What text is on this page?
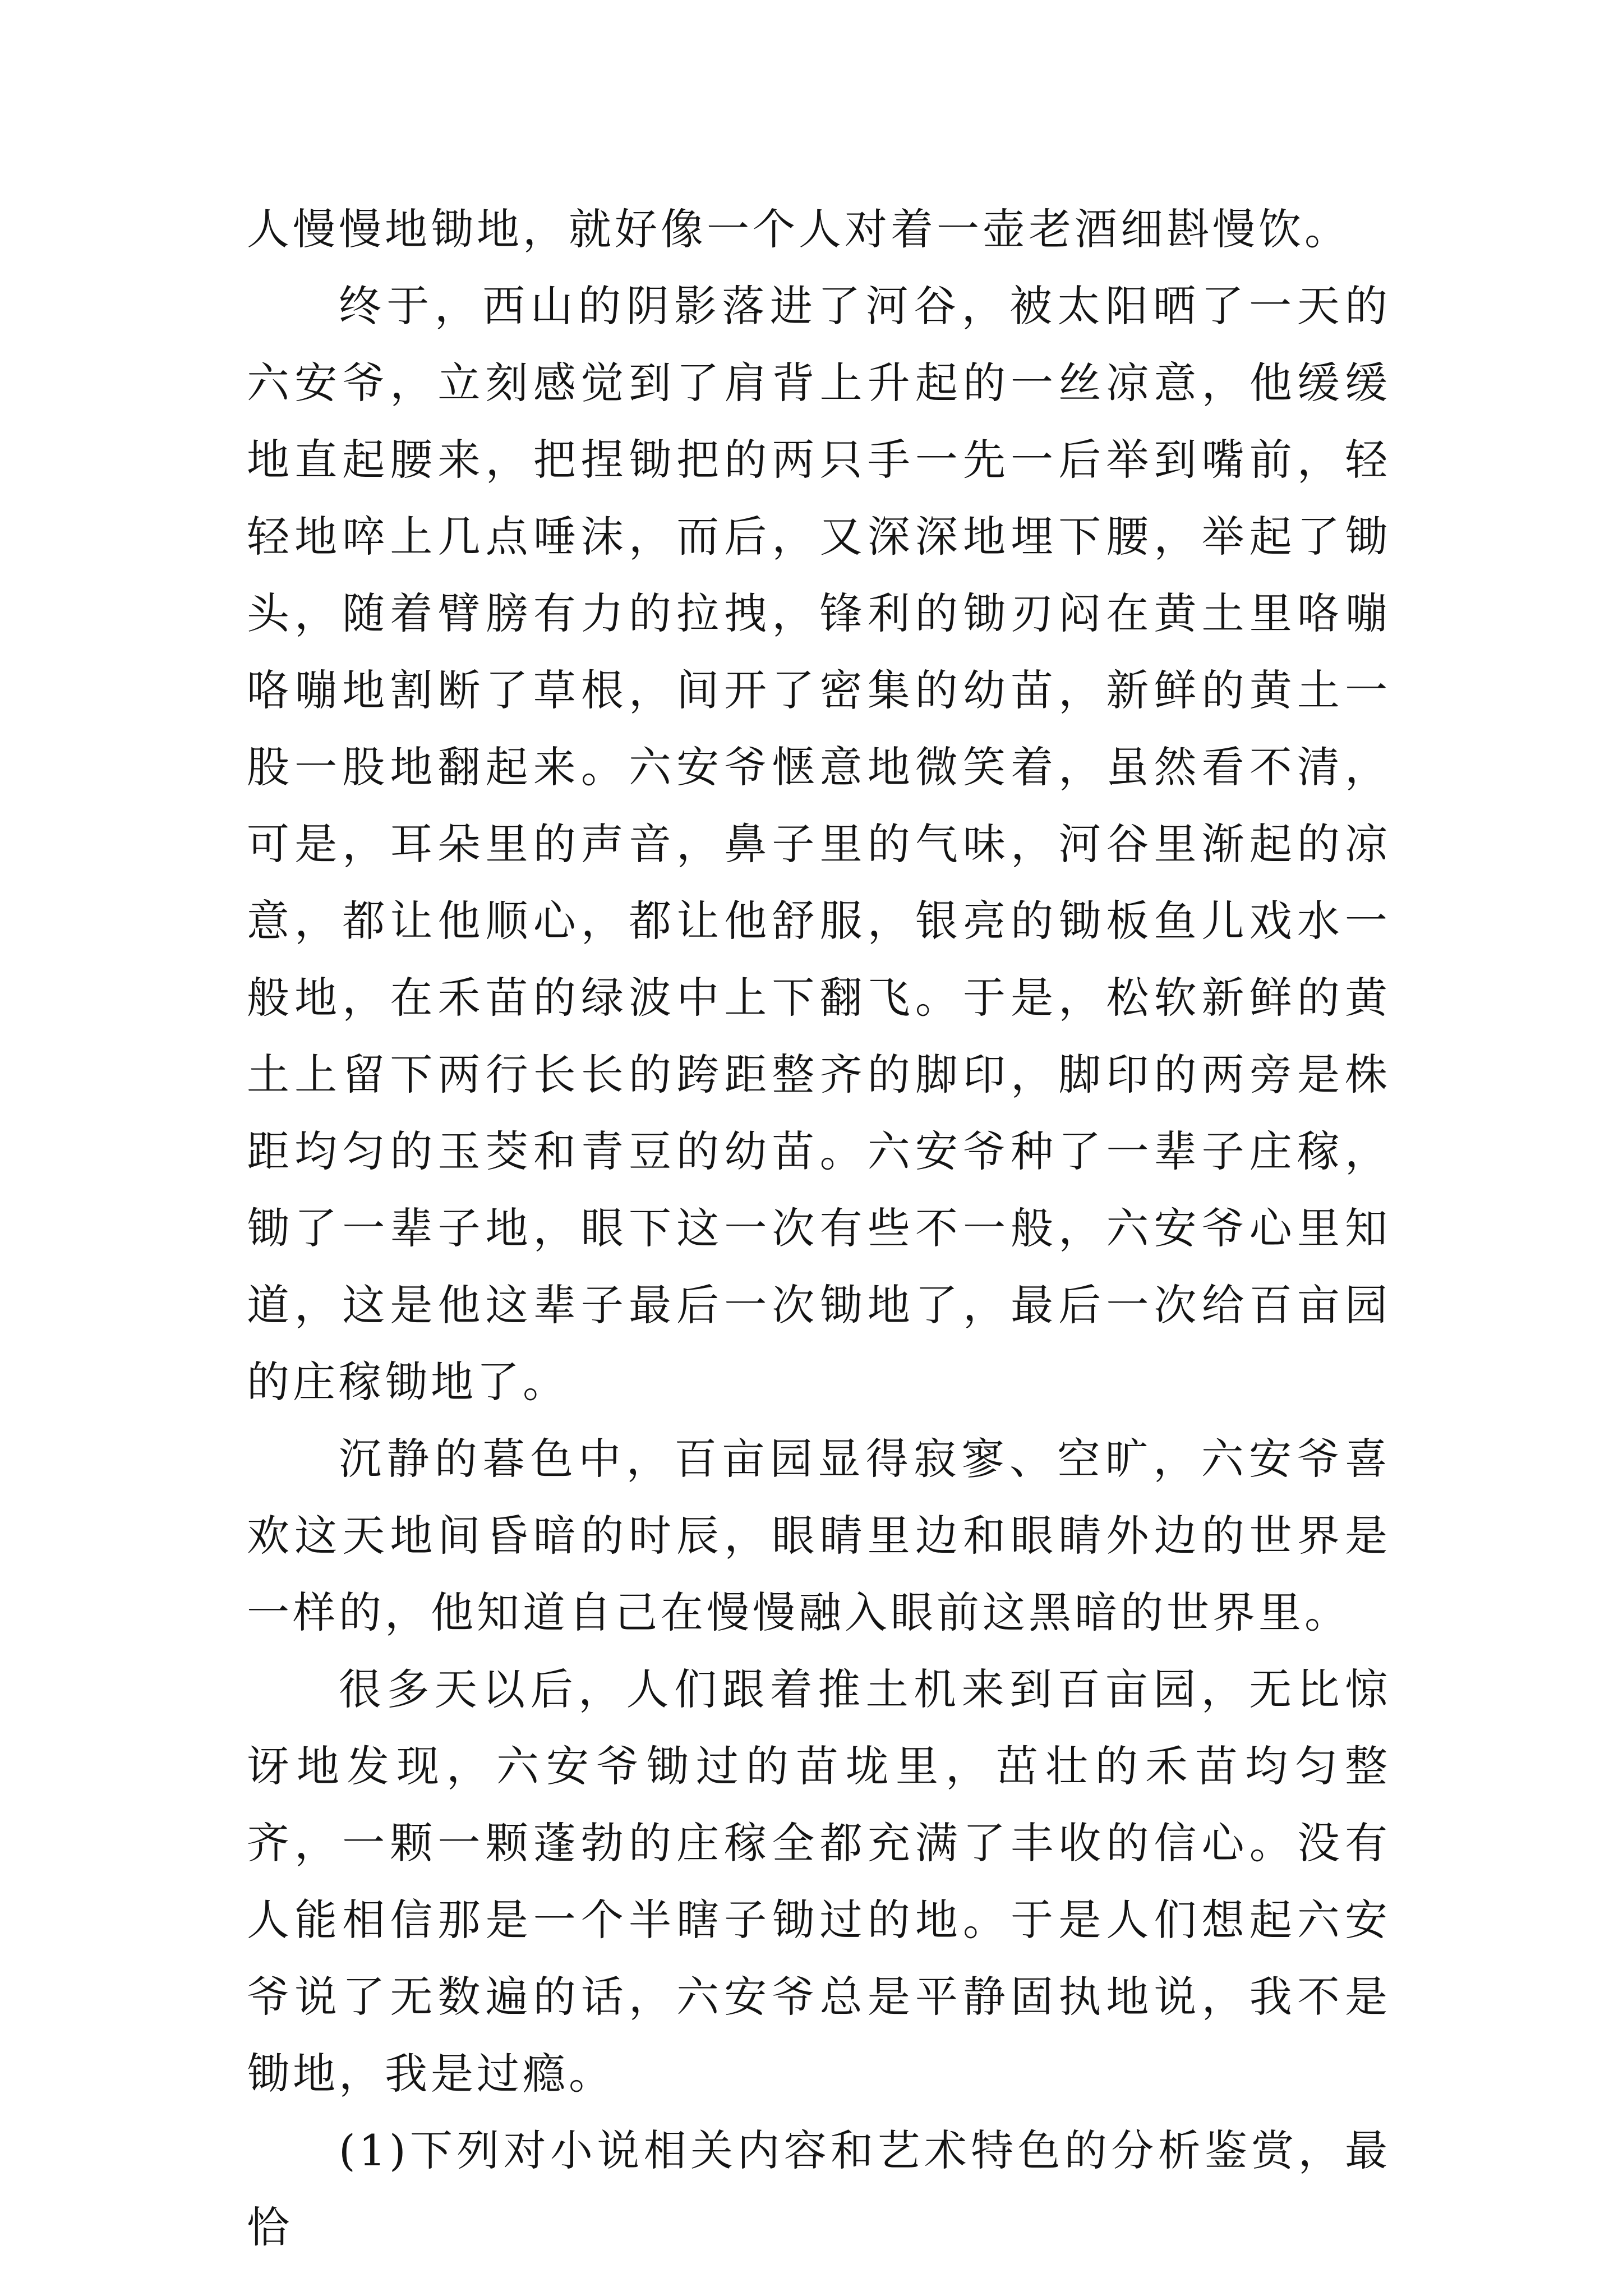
人慢慢地锄地，就好像一个人对着一壶老酒细斟慢饮。

终于，西山的阴影落进了河谷，被太阳晒了一天的六安爷，立刻感觉到了肩背上升起的一丝凉意，他缓缓地直起腰来，把捏锄把的两只手一先一后举到嘴前，轻轻地啐上几点唾沫，而后，又深深地埋下腰，举起了锄头，随着臂膀有力的拉拽，锋利的锄刃闷在黄土里咯嘣咯嘣地割断了草根，间开了密集的幼苗，新鲜的黄土一股一股地翻起来。六安爷惬意地微笑着，虽然看不清，可是，耳朵里的声音，鼻子里的气味，河谷里渐起的凉意，都让他顺心，都让他舒服，银亮的锄板鱼儿戏水一般地，在禾苗的绿波中上下翻飞。于是，松软新鲜的黄土上留下两行长长的跨距整齐的脚印，脚印的两旁是株距均匀的玉茭和青豆的幼苗。六安爷种了一辈子庄稼，锄了一辈子地，眼下这一次有些不一般，六安爷心里知道，这是他这辈子最后一次锄地了，最后一次给百亩园的庄稼锄地了。

沉静的暮色中，百亩园显得寂寥、空旷，六安爷喜欢这天地间昏暗的时辰，眼睛里边和眼睛外边的世界是一样的，他知道自己在慢慢融入眼前这黑暗的世界里。

很多天以后，人们跟着推土机来到百亩园，无比惊讶地发现，六安爷锄过的苗垅里，茁壮的禾苗均匀整齐，一颗一颗蓬勃的庄稼全都充满了丰收的信心。没有人能相信那是一个半瞎子锄过的地。于是人们想起六安爷说了无数遍的话，六安爷总是平静固执地说，我不是锄地，我是过瘾。

(1)下列对小说相关内容和艺术特色的分析鉴赏，最恰
